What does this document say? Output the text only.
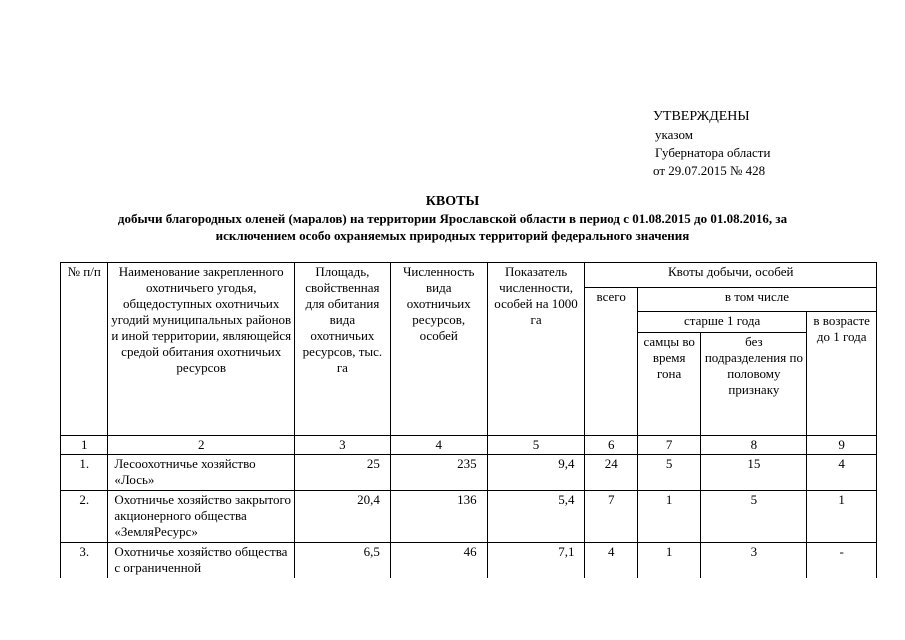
УТВЕРЖДЕНЫ
указом
Губернатора области
от 29.07.2015 № 428
КВОТЫ
добычи благородных оленей (маралов) на территории Ярославской области в период с 01.08.2015 до 01.08.2016, за
исключением особо охраняемых природных территорий федерального значения
№ п/п	Наименование закрепленного охотничьего угодья, общедоступных охотничьих угодий муниципальных районов и иной территории, являющейся средой обитания охотничьих ресурсов	Площадь, свойственная для обитания вида охотничьих ресурсов, тыс. га	Численность вида охотничьих ресурсов, особей	Показатель численности, особей на 1000 га	Квоты добычи, особей			
					всего	в том числе		
						старше 1 года		в возрасте до 1 года
						самцы во время гона	без подразделения по половому признаку	
1	2	3	4	5	6	7	8	9
1.	Лесоохотничье хозяйство «Лось»	25	235	9,4	24	5	15	4
2.	Охотничье хозяйство закрытого акционерного общества «ЗемляРесурс»	20,4	136	5,4	7	1	5	1
3.	Охотничье хозяйство общества с ограниченной	6,5	46	7,1	4	1	3	-
